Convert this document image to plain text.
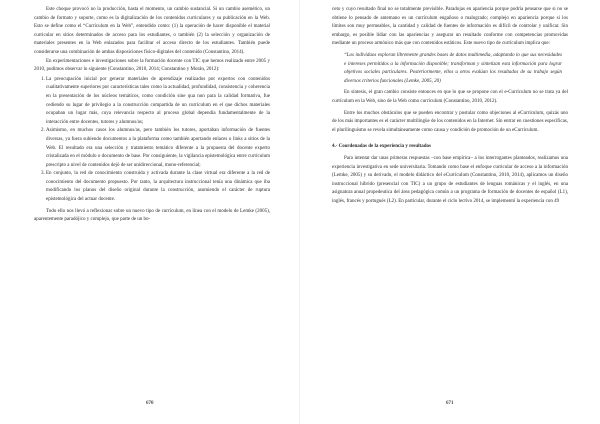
Este choque provocó no la producción, hasta el momento, un cambio sustancial. Si un cambio asemético, un cambio de formato y soporte, como es la digitalización de los contenidos curriculares y su publicación en la Web. Esto se define como el “Currículum en la Web”, entendido como: (1) la operación de hacer disponible el material curricular en sitios determinados de acceso para los estudiantes, o también (2) la selección y organización de materiales presentes en la Web enlazados para facilitar el acceso directo de los estudiantes. También puede considerarse una combinación de ambas disposiciones físico-digitales del contenido (Constantino, 2014).

En experimentaciones e investigaciones sobre la formación docente con TIC que hemos realizado entre 2005 y 2010, pudimos observar lo siguiente (Constantino, 2010, 2014; Constantino y Morán, 2012):

1. La preocupación inicial por generar materiales de aprendizaje realizados por expertos con contenidos cualitativamente superiores por características tales como la actualidad, profundidad, consistencia y coherencia en la presentación de los núcleos temáticos, como condición sine qua non para la calidad formativa, fue cediendo su lugar de privilegio a la construcción compartida de un currículum en el que dichos materiales ocupaban un lugar más, cuya relevancia respecto al proceso global dependía fundamentalmente de la interacción entre docentes, tutores y alumnos/as;
2. Asimismo, en muchos casos los alumnos/as, pero también los tutores, aportaban información de fuentes diversas, ya fuera subiendo documentos a la plataforma como también aportando enlaces o links a sitios de la Web. El resultado era una selección y tratamiento temático diferente a la propuesta del docente experto cristalizada en el módulo o documento de base. Por consiguiente, la vigilancia epistemológica entre currículum prescripto a nivel de contenidos dejó de ser unidireccional, mono-referencial;
3. En conjunto, la red de conocimiento construida y activada durante la clase virtual era diferente a la red de conocimiento del documento propuesto. Por tanto, la arquitectura instruccional tenía una dinámica que iba modificando los planos del diseño original durante la construcción, asumiendo el carácter de ruptura epistemológica del actuar docente.

Todo ello nos llevó a reflexionar sobre un nuevo tipo de currículum, en línea con el modelo de Lemke (2005), aparentemente paradójico y complejo, que parte de un bo-

670

ceto y cuyo resultado final no se totalmente previsible. Paradojas en apariencia porque podría pensarse que si no se obtiene lo pensado de antemano es un currículum engañoso o malogrado; complejo en apariencia porque si los límites son muy permeables, la cantidad y calidad de fuentes de información es difícil de controlar y unificar. Sin embargo, es posible lidiar con las apariencias y asegurar un resultado conforme con competencias promovidas mediante un proceso armónico más que con contenidos estáticos. Este nuevo tipo de currículum implica que:

“Los individuos exploran libremente grandes bases de datos multimedia, adaptando lo que sus necesidades e intereses permitidos a la información disponible; transforman y sintetizan esta información para lograr objetivos sociales particulares. Posteriormente, ellos u otros evalúan los resultados de su trabajo según diversos criterios funcionales (Lemke, 2005, 20)

En síntesis, el gran cambio consiste entonces en que lo que se propone con el e-Currículum no se trata ya del currículum en la Web, sino de la Web como currículum (Constantino, 2010, 2012).

Entre los muchos obstáculos que se pueden encontrar y postular como objeciones al eCurrículum, quizás uno de los más importantes es el carácter multilingüe de los contenidos en la Internet. Sin entrar en cuestiones específicas, el plurilinguísmo se revela simultáneamente como causa y condición de promoción de un eCurrículum.

4.- Coordenadas de la experiencia y resultados

Para intentar dar unas primeras respuestas –con base empírica– a los interrogantes planteados, realizamos una experiencia investigativa en sede universitaria. Tomando como base el enfoque curricular de acceso a la información (Lemke, 2005) y su derivado, el modelo didáctico del eCurrículum (Constantino, 2010, 2014), aplicamos un diseño instruccional híbrido (presencial con TIC) a un grupo de estudiantes de lenguas románicas y el inglés, en una asignatura anual propedeutica del área pedagógica común a un programa de formación de docentes de español (L1), inglés, francés y portugués (L2). En particular, durante el ciclo lectivo 2014, se implementó la experiencia con 49

671
